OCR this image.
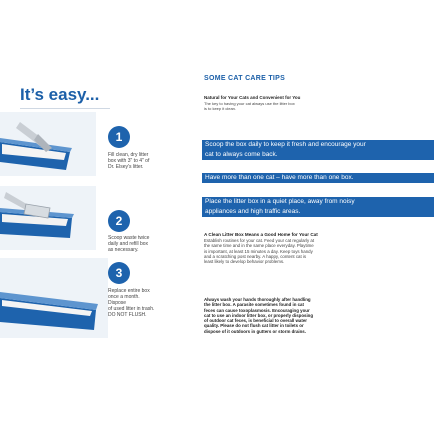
It’s easy...
1
Fill clean, dry litter
box with 3" to 4" of
Dr. Elsey's litter.
2
Scoop waste twice
daily and refill box
as necessary.
3
Replace entire box
once a month. Dispose
of used litter in trash.
DO NOT FLUSH.
SOME CAT CARE TIPS
Natural for Your Cats and Convenient for You
The key to having your cat always use the litter box
is to keep it clean.
Scoop the box daily to keep it fresh and encourage your
cat to always come back.
Have more than one cat – have more than one box.
Place the litter box in a quiet place, away from noisy
appliances and high traffic areas.
A Clean Litter Box Means a Good Home for Your Cat
Establish routines for your cat. Feed your cat regularly at
the same time and in the same place everyday. Playtime
is important, at least 15 minutes a day. Keep toys handy
and a scratching post nearby. A happy, content cat is
least likely to develop behavior problems.
Always wash your hands thoroughly after handling
the litter box. A parasite sometimes found in cat
feces can cause toxoplasmosis. Encouraging your
cat to use an indoor litter box, or properly disposing
of outdoor cat feces, is beneficial to overall water
quality. Please do not flush cat litter in toilets or
dispose of it outdoors in gutters or storm drains.
